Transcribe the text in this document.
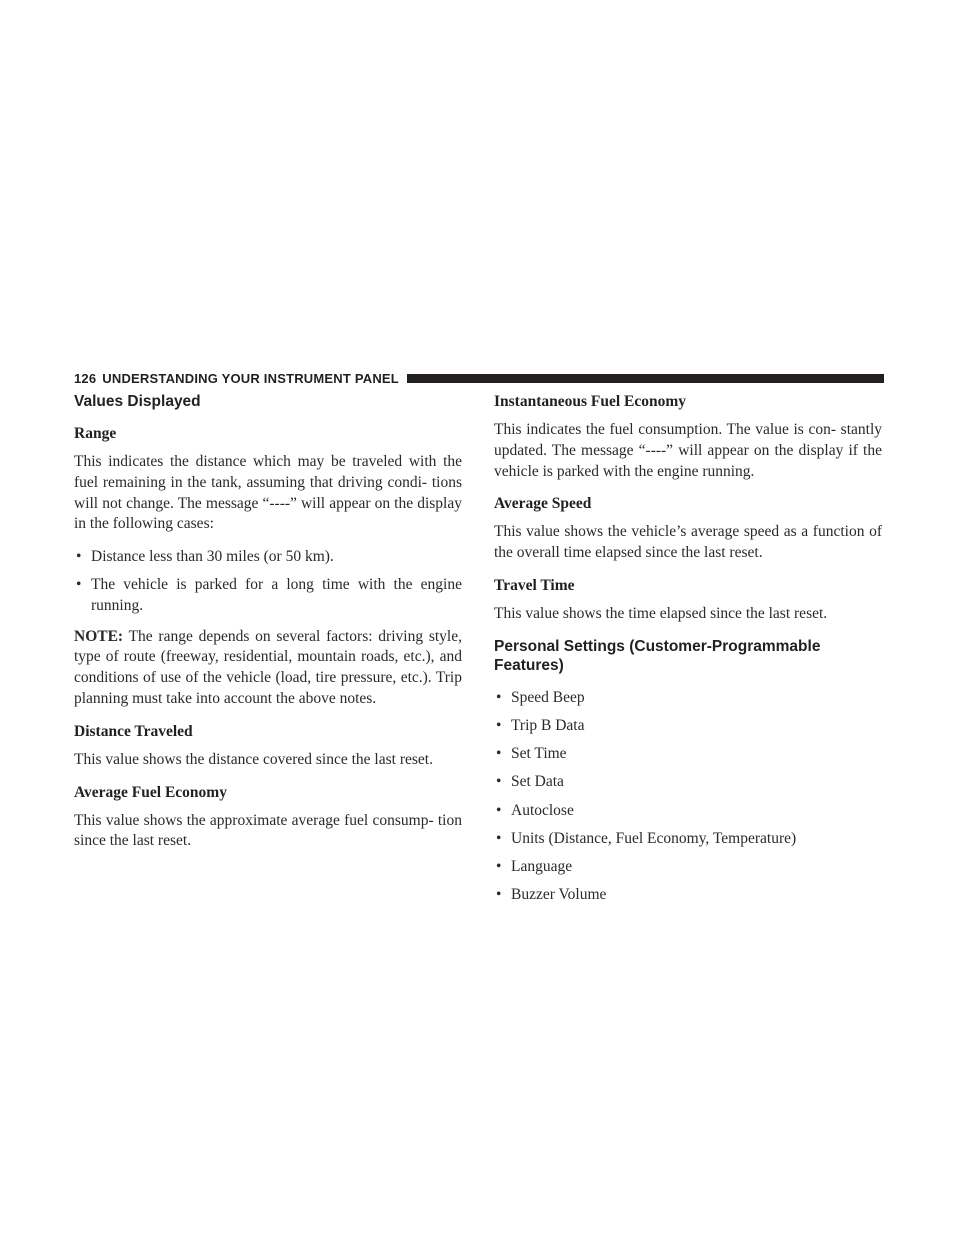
126 UNDERSTANDING YOUR INSTRUMENT PANEL
Values Displayed
Range

This indicates the distance which may be traveled with the fuel remaining in the tank, assuming that driving condi- tions will not change. The message “----” will appear on the display in the following cases:

• Distance less than 30 miles (or 50 km).
• The vehicle is parked for a long time with the engine running.

NOTE: The range depends on several factors: driving style, type of route (freeway, residential, mountain roads, etc.), and conditions of use of the vehicle (load, tire pressure, etc.). Trip planning must take into account the above notes.

Distance Traveled

This value shows the distance covered since the last reset.

Average Fuel Economy

This value shows the approximate average fuel consump- tion since the last reset.

Instantaneous Fuel Economy

This indicates the fuel consumption. The value is con- stantly updated. The message “----” will appear on the display if the vehicle is parked with the engine running.

Average Speed

This value shows the vehicle’s average speed as a function of the overall time elapsed since the last reset.

Travel Time

This value shows the time elapsed since the last reset.

Personal Settings (Customer-Programmable Features)
• Speed Beep
• Trip B Data
• Set Time
• Set Data
• Autoclose
• Units (Distance, Fuel Economy, Temperature)
• Language
• Buzzer Volume
